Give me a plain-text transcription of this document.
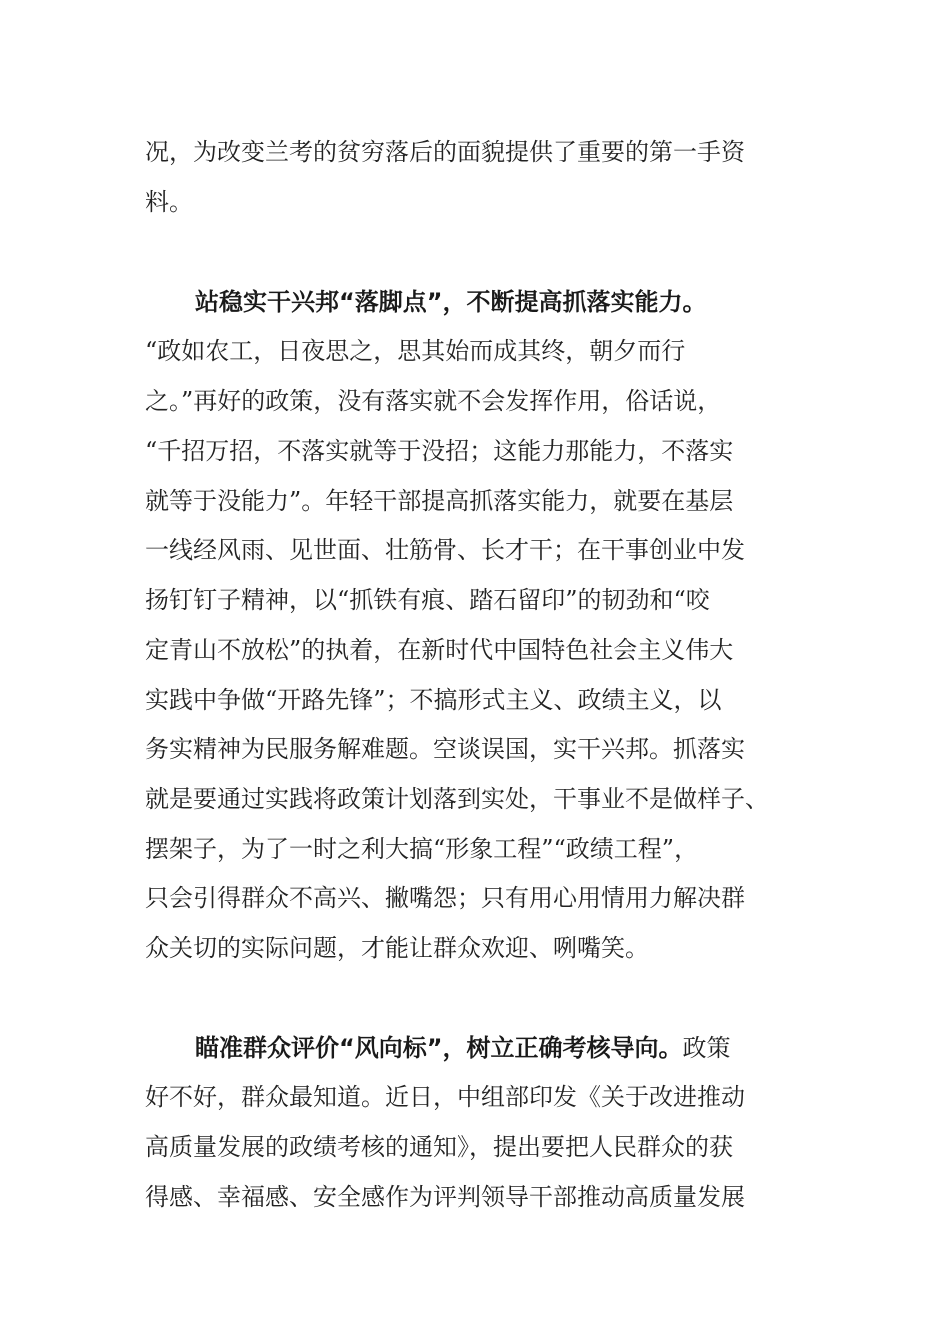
况，为改变兰考的贫穷落后的面貌提供了重要的第一手资

料。

站稳实干兴邦“落脚点”，不断提高抓落实能力。

“政如农工，日夜思之，思其始而成其终，朝夕而行

之。”再好的政策，没有落实就不会发挥作用，俗话说，

“千招万招，不落实就等于没招；这能力那能力，不落实

就等于没能力”。年轻干部提高抓落实能力，就要在基层

一线经风雨、见世面、壮筋骨、长才干；在干事创业中发

扬钉钉子精神，以“抓铁有痕、踏石留印”的韧劲和“咬

定青山不放松”的执着，在新时代中国特色社会主义伟大

实践中争做“开路先锋”；不搞形式主义、政绩主义，以

务实精神为民服务解难题。空谈误国，实干兴邦。抓落实

就是要通过实践将政策计划落到实处，干事业不是做样子、

摆架子，为了一时之利大搞“形象工程”“政绩工程”，

只会引得群众不高兴、撇嘴怨；只有用心用情用力解决群

众关切的实际问题，才能让群众欢迎、咧嘴笑。

瞄准群众评价“风向标”，树立正确考核导向。政策

好不好，群众最知道。近日，中组部印发《关于改进推动

高质量发展的政绩考核的通知》，提出要把人民群众的获

得感、幸福感、安全感作为评判领导干部推动高质量发展
